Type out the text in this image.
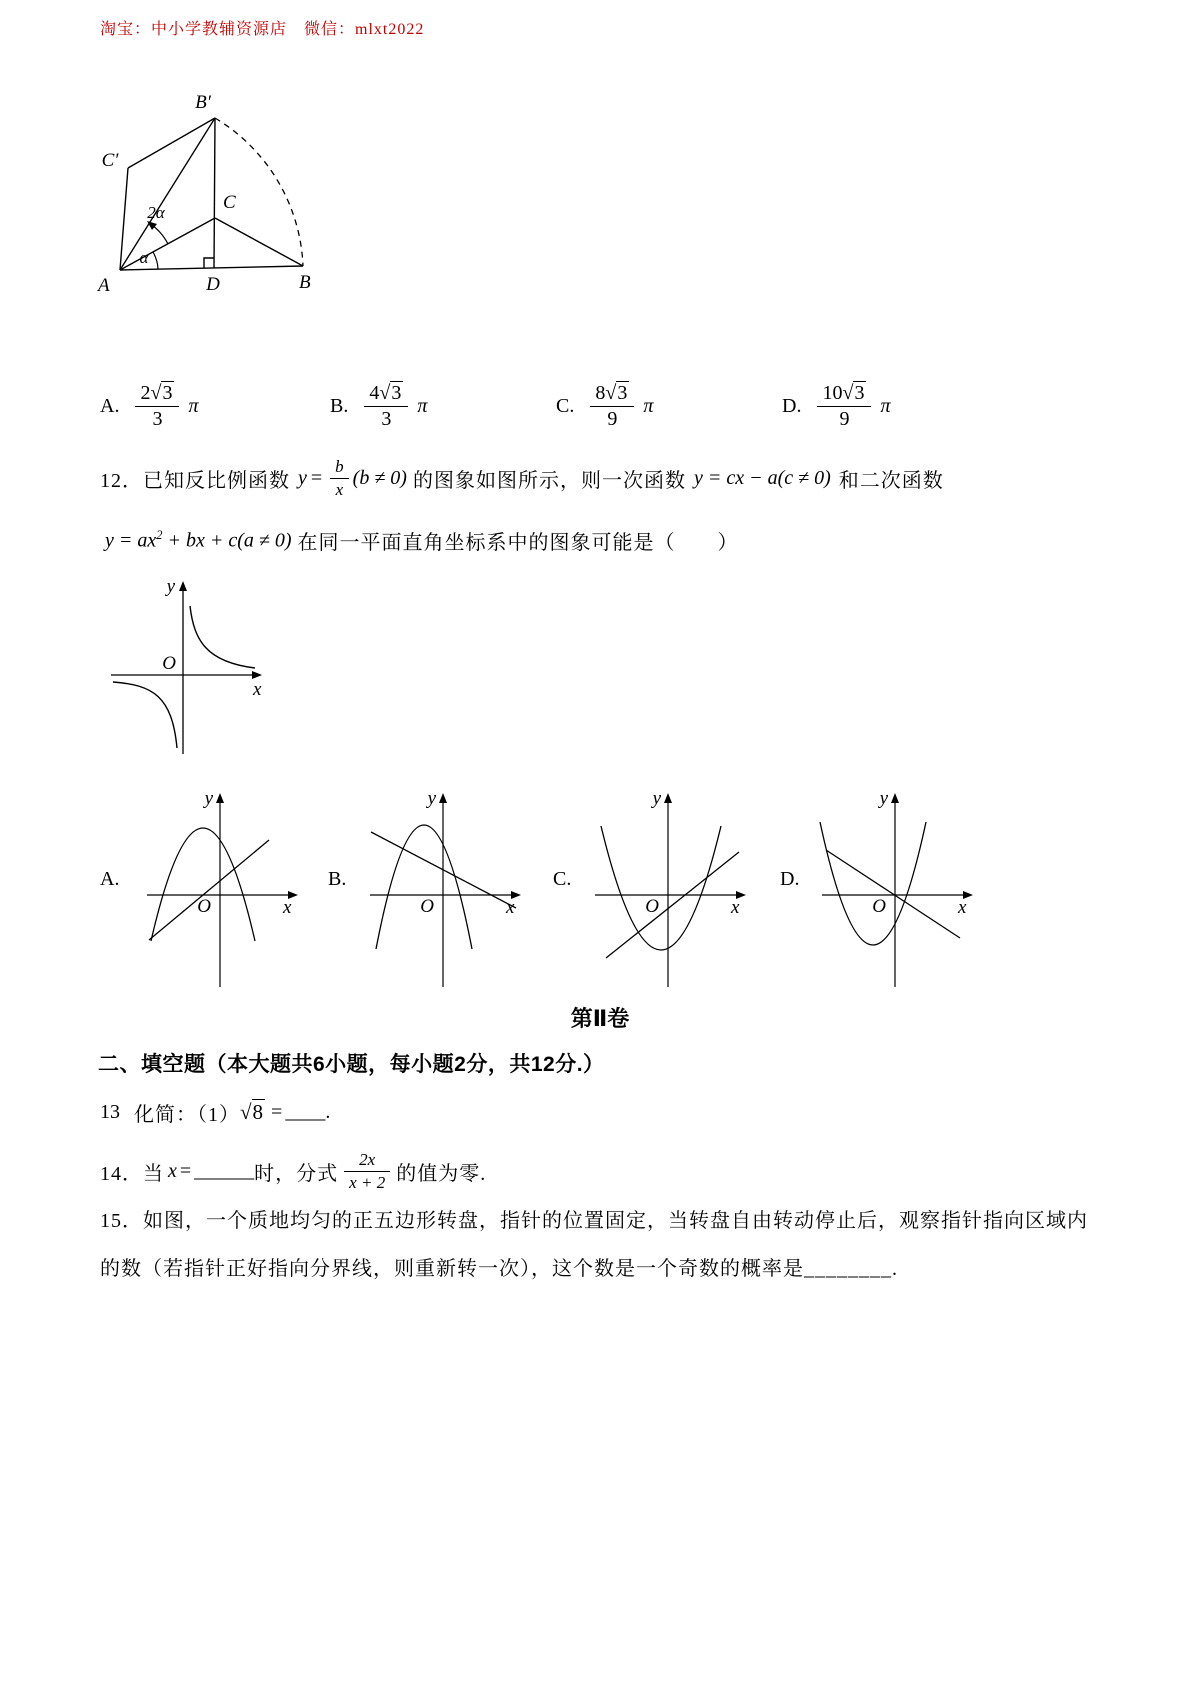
淘宝：中小学教辅资源店　微信：mlxt2022
B′
C′
C
A	D	B
2α
α
A. $\frac{2√3}{3}$ π	B. $\frac{4√3}{3}$ π	C. $\frac{8√3}{9}$ π	D. $\frac{10√3}{9}$ π
12．已知反比例函数 $y = \frac{b}{x} (b \ne 0)$ 的图象如图所示，则一次函数 y = cx − a(c ≠ 0) 和二次函数
$y = ax^2$ + bx + c(a ≠ 0) 在同一平面直角坐标系中的图象可能是（　　）
O
x
y
A.	B.	C.	D.
O	x
y
O	x
y
O	x
y
O	x
y
第Ⅱ卷
二、填空题（本大题共6小题，每小题2分，共12分.）
13 化简：（1） √8 = ____.
14．当 x = ______ 时，分式 $\frac{2x}{x + 2}$ 的值为零.
15．如图，一个质地均匀的正五边形转盘，指针的位置固定，当转盘自由转动停止后，观察指针指向区域内
的数（若指针正好指向分界线，则重新转一次），这个数是一个奇数的概率是________.
